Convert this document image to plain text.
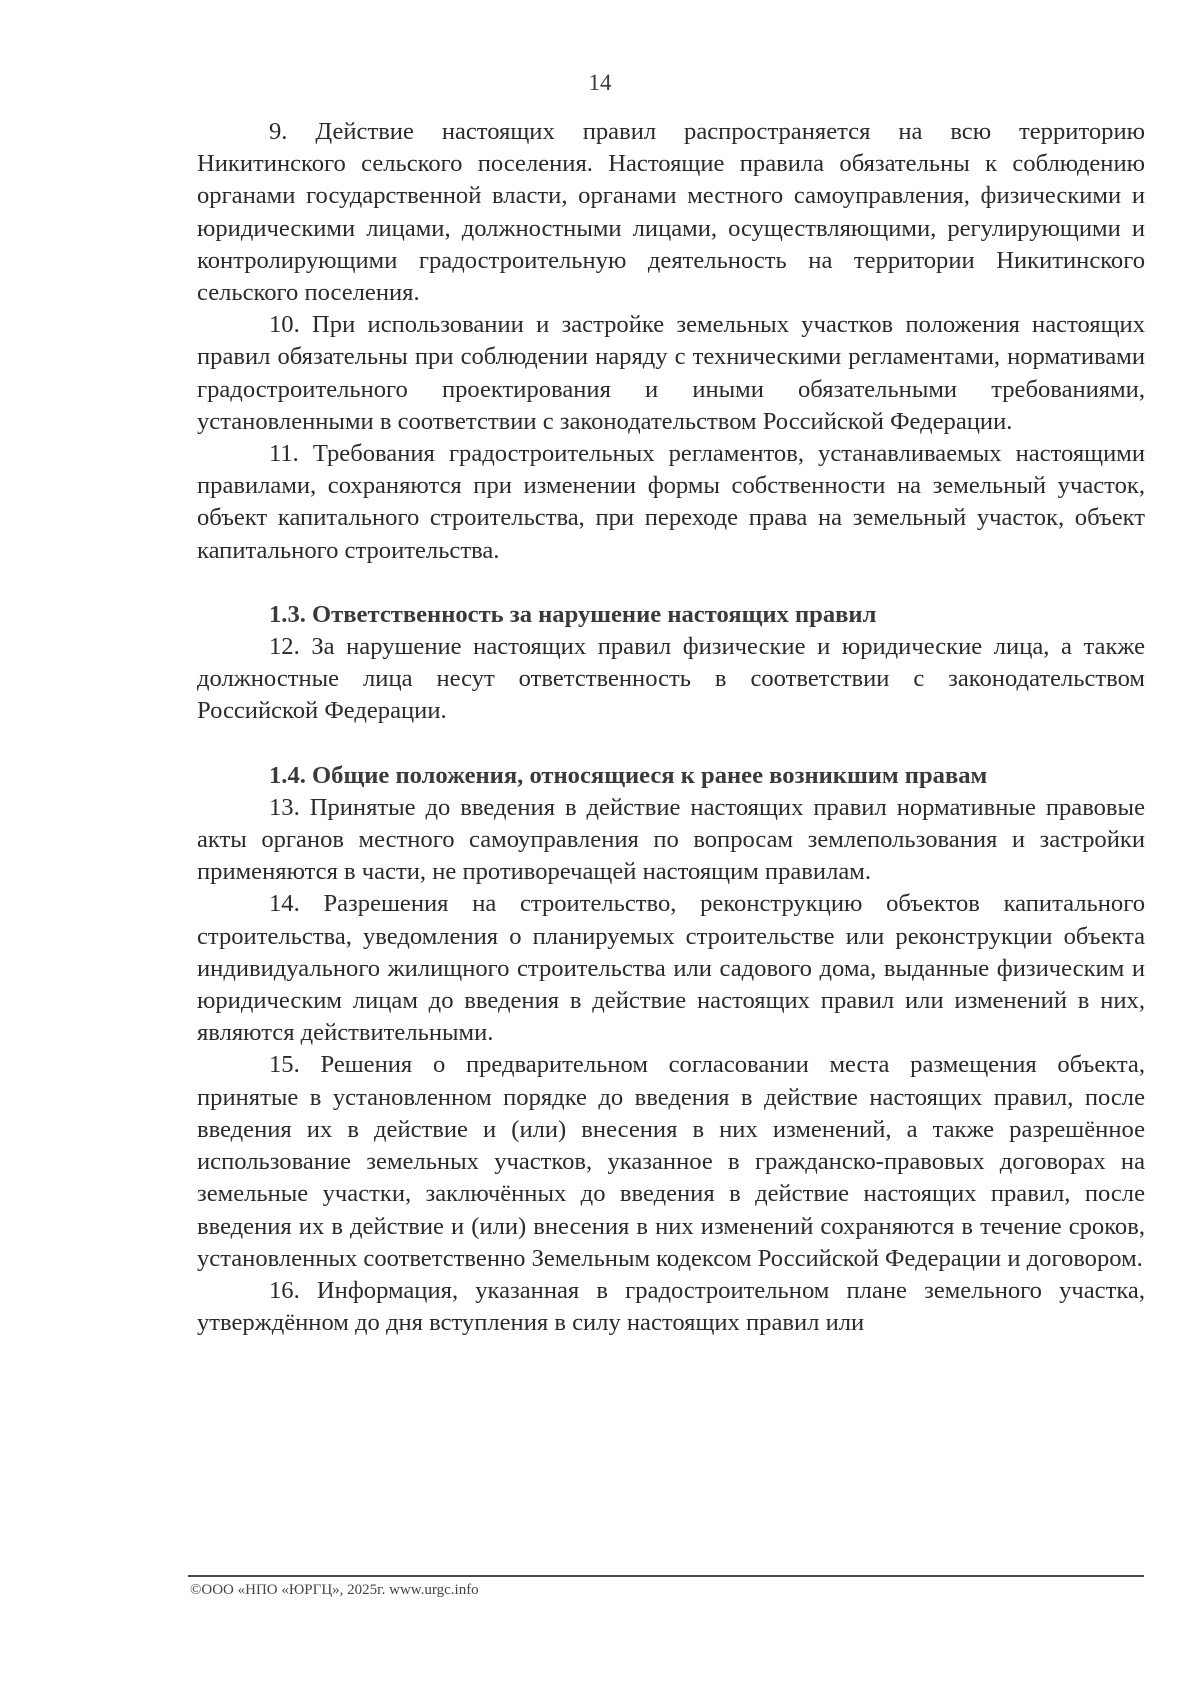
14

9. Действие настоящих правил распространяется на всю территорию Никитинского сельского поселения. Настоящие правила обязательны к соблюдению органами государственной власти, органами местного самоуправления, физическими и юридическими лицами, должностными лицами, осуществляющими, регулирующими и контролирующими градостроительную деятельность на территории Никитинского сельского поселения.

10. При использовании и застройке земельных участков положения настоящих правил обязательны при соблюдении наряду с техническими регламентами, нормативами градостроительного проектирования и иными обязательными требованиями, установленными в соответствии с законодательством Российской Федерации.

11. Требования градостроительных регламентов, устанавливаемых настоящими правилами, сохраняются при изменении формы собственности на земельный участок, объект капитального строительства, при переходе права на земельный участок, объект капитального строительства.

1.3. Ответственность за нарушение настоящих правил

12. За нарушение настоящих правил физические и юридические лица, а также должностные лица несут ответственность в соответствии с законодательством Российской Федерации.

1.4. Общие положения, относящиеся к ранее возникшим правам

13. Принятые до введения в действие настоящих правил нормативные правовые акты органов местного самоуправления по вопросам землепользования и застройки применяются в части, не противоречащей настоящим правилам.

14. Разрешения на строительство, реконструкцию объектов капитального строительства, уведомления о планируемых строительстве или реконструкции объекта индивидуального жилищного строительства или садового дома, выданные физическим и юридическим лицам до введения в действие настоящих правил или изменений в них, являются действительными.

15. Решения о предварительном согласовании места размещения объекта, принятые в установленном порядке до введения в действие настоящих правил, после введения их в действие и (или) внесения в них изменений, а также разрешённое использование земельных участков, указанное в гражданско-правовых договорах на земельные участки, заключённых до введения в действие настоящих правил, после введения их в действие и (или) внесения в них изменений сохраняются в течение сроков, установленных соответственно Земельным кодексом Российской Федерации и договором.

16. Информация, указанная в градостроительном плане земельного участка, утверждённом до дня вступления в силу настоящих правил или

©ООО «НПО «ЮРГЦ», 2025г. www.urgc.info
